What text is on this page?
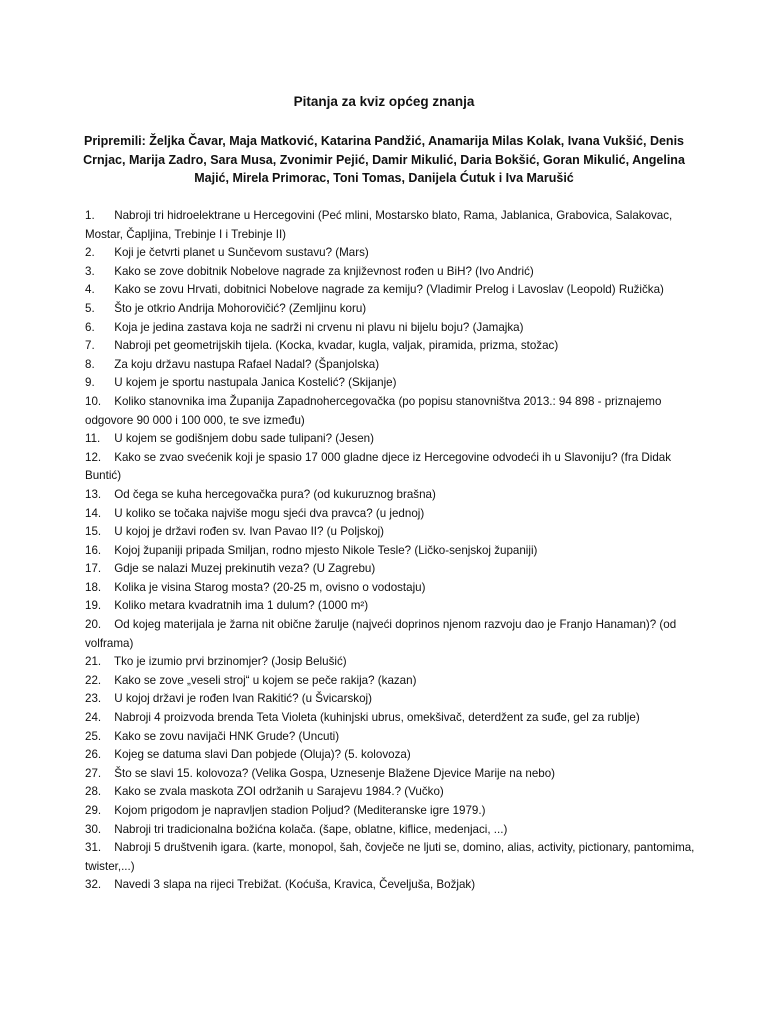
Pitanja za kviz općeg znanja
Pripremili: Željka Čavar, Maja Matković, Katarina Pandžić, Anamarija Milas Kolak, Ivana Vukšić, Denis Crnjac, Marija Zadro, Sara Musa, Zvonimir Pejić, Damir Mikulić, Daria Bokšić, Goran Mikulić, Angelina Majić, Mirela Primorac, Toni Tomas, Danijela Ćutuk i Iva Marušić
1. Nabroji tri hidroelektrane u Hercegovini (Peć mlini, Mostarsko blato, Rama, Jablanica, Grabovica, Salakovac, Mostar, Čapljina, Trebinje I i Trebinje II)
2. Koji je četvrti planet u Sunčevom sustavu? (Mars)
3. Kako se zove dobitnik Nobelove nagrade za književnost rođen u BiH? (Ivo Andrić)
4. Kako se zovu Hrvati, dobitnici Nobelove nagrade za kemiju? (Vladimir Prelog i Lavoslav (Leopold) Ružička)
5. Što je otkrio Andrija Mohorovičić? (Zemljinu koru)
6. Koja je jedina zastava koja ne sadrži ni crvenu ni plavu ni bijelu boju? (Jamajka)
7. Nabroji pet geometrijskih tijela. (Kocka, kvadar, kugla, valjak, piramida, prizma, stožac)
8. Za koju državu nastupa Rafael Nadal? (Španjolska)
9. U kojem je sportu nastupala Janica Kostelić? (Skijanje)
10. Koliko stanovnika ima Županija Zapadnohercegovačka (po popisu stanovništva 2013.: 94 898 - priznajemo odgovore 90 000 i 100 000, te sve između)
11. U kojem se godišnjem dobu sade tulipani? (Jesen)
12. Kako se zvao svećenik koji je spasio 17 000 gladne djece iz Hercegovine odvodeći ih u Slavoniju? (fra Didak Buntić)
13. Od čega se kuha hercegovačka pura? (od kukuruznog brašna)
14. U koliko se točaka najviše mogu sjeći dva pravca? (u jednoj)
15. U kojoj je državi rođen sv. Ivan Pavao II? (u Poljskoj)
16. Kojoj županiji pripada Smiljan, rodno mjesto Nikole Tesle? (Ličko-senjskoj županiji)
17. Gdje se nalazi Muzej prekinutih veza? (U Zagrebu)
18. Kolika je visina Starog mosta? (20-25 m, ovisno o vodostaju)
19. Koliko metara kvadratnih ima 1 dulum? (1000 m²)
20. Od kojeg materijala je žarna nit obične žarulje (najveći doprinos njenom razvoju dao je Franjo Hanaman)? (od volframa)
21. Tko je izumio prvi brzinomjer? (Josip Belušić)
22. Kako se zove „veseli stroj“ u kojem se peče rakija? (kazan)
23. U kojoj državi je rođen Ivan Rakitić? (u Švicarskoj)
24. Nabroji 4 proizvoda brenda Teta Violeta (kuhinjski ubrus, omekšivač, deterdžent za suđe, gel za rublje)
25. Kako se zovu navijači HNK Grude? (Uncuti)
26. Kojeg se datuma slavi Dan pobjede (Oluja)? (5. kolovoza)
27. Što se slavi 15. kolovoza? (Velika Gospa, Uznesenje Blažene Djevice Marije na nebo)
28. Kako se zvala maskota ZOI održanih u Sarajevu 1984.? (Vučko)
29. Kojom prigodom je napravljen stadion Poljud? (Mediteranske igre 1979.)
30. Nabroji tri tradicionalna božićna kolača. (šape, oblatne, kiflice, medenjaci, ...)
31. Nabroji 5 društvenih igara. (karte, monopol, šah, čovječe ne ljuti se, domino, alias, activity, pictionary, pantomima, twister,...)
32. Navedi 3 slapa na rijeci Trebižat. (Koćuša, Kravica, Čeveljuša, Božjak)
